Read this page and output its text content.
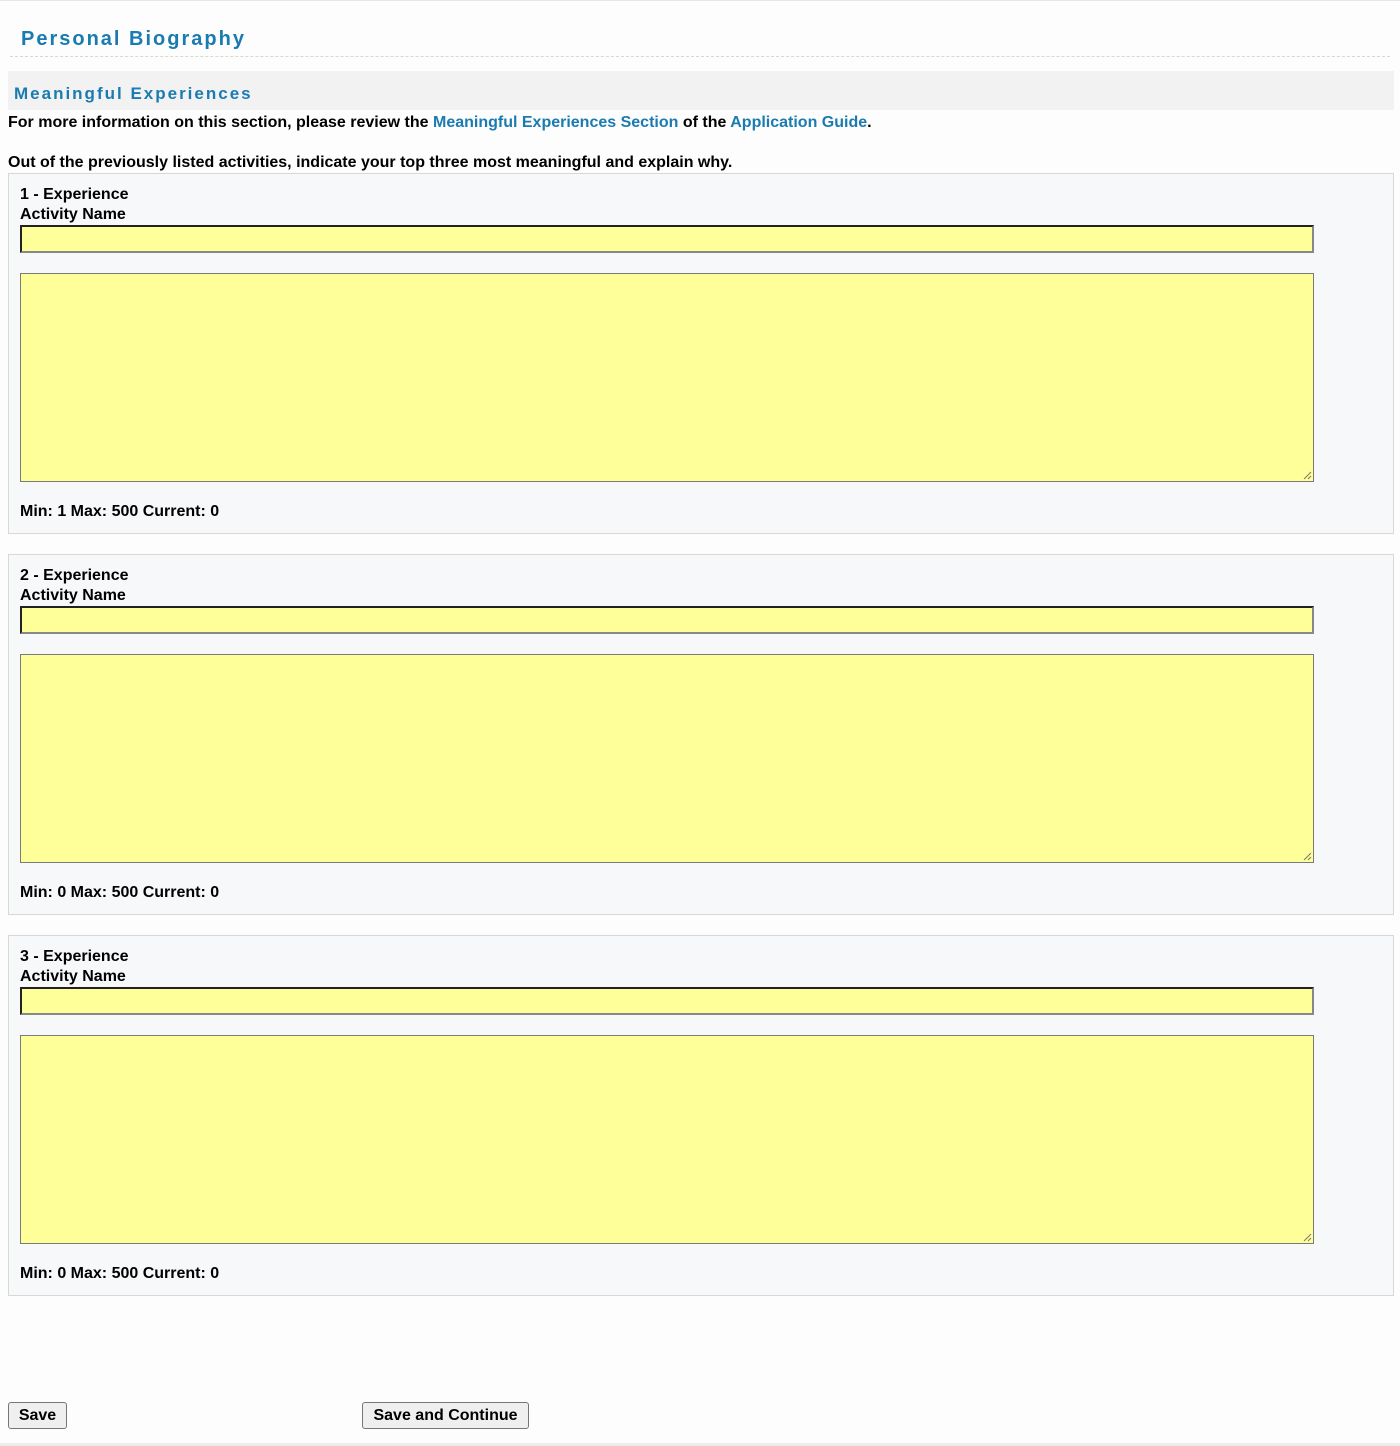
Personal Biography
Meaningful Experiences
For more information on this section, please review the Meaningful Experiences Section of the Application Guide.
Out of the previously listed activities, indicate your top three most meaningful and explain why.
1 - Experience
Activity Name
Min: 1 Max: 500 Current: 0
2 - Experience
Activity Name
Min: 0 Max: 500 Current: 0
3 - Experience
Activity Name
Min: 0 Max: 500 Current: 0
Save	Save and Continue
